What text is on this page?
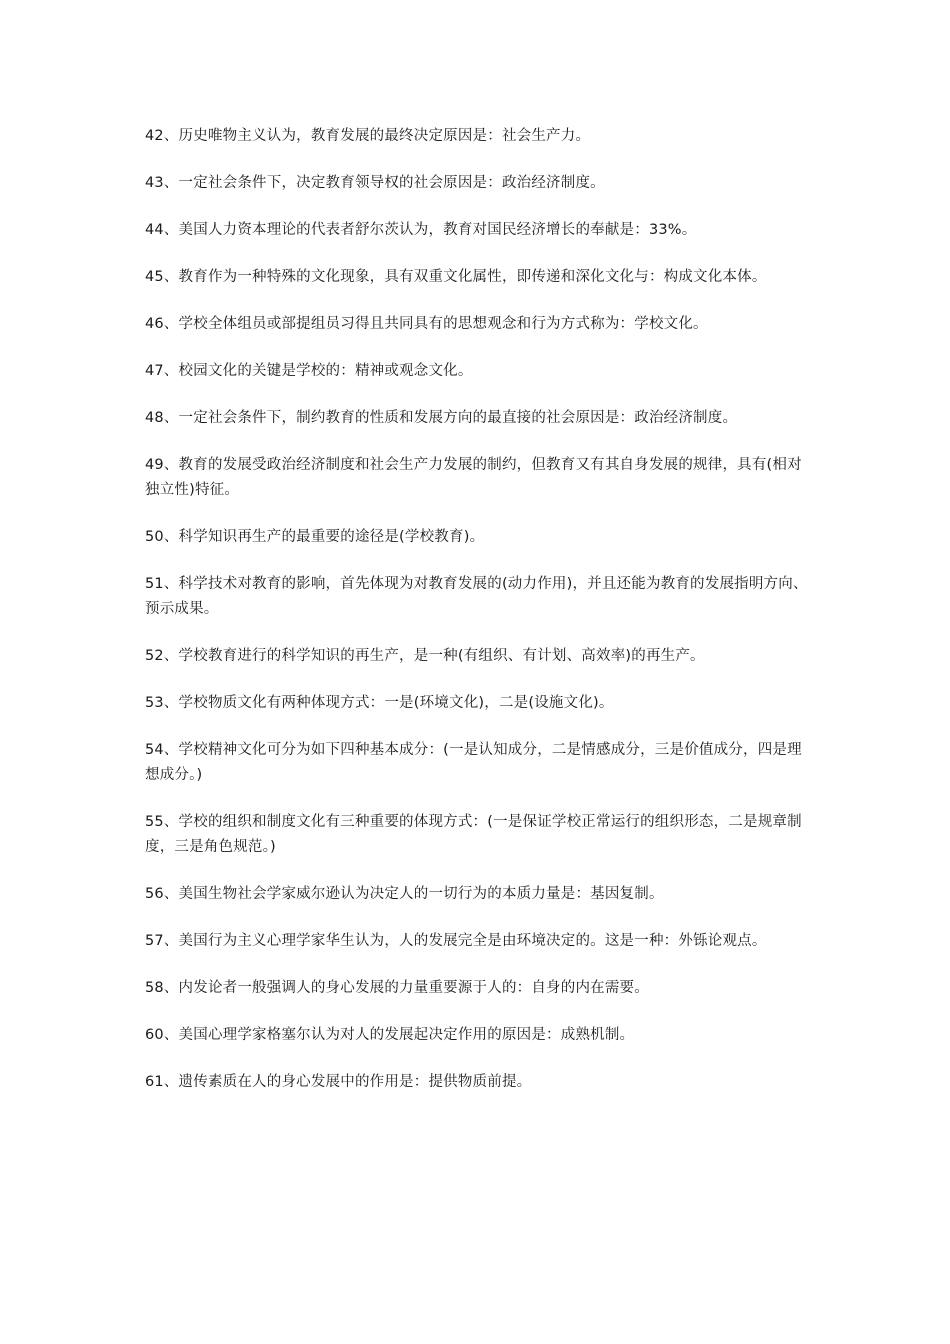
42、历史唯物主义认为，教育发展的最终决定原因是：社会生产力。

43、一定社会条件下，决定教育领导权的社会原因是：政治经济制度。

44、美国人力资本理论的代表者舒尔茨认为，教育对国民经济增长的奉献是：33%。

45、教育作为一种特殊的文化现象，具有双重文化属性，即传递和深化文化与：构成文化本体。

46、学校全体组员或部提组员习得且共同具有的思想观念和行为方式称为：学校文化。

47、校园文化的关键是学校的：精神或观念文化。

48、一定社会条件下，制约教育的性质和发展方向的最直接的社会原因是：政治经济制度。

49、教育的发展受政治经济制度和社会生产力发展的制约，但教育又有其自身发展的规律，具有(相对独立性)特征。

50、科学知识再生产的最重要的途径是(学校教育)。

51、科学技术对教育的影响，首先体现为对教育发展的(动力作用)，并且还能为教育的发展指明方向、预示成果。

52、学校教育进行的科学知识的再生产，是一种(有组织、有计划、高效率)的再生产。

53、学校物质文化有两种体现方式：一是(环境文化)，二是(设施文化)。

54、学校精神文化可分为如下四种基本成分：(一是认知成分，二是情感成分，三是价值成分，四是理想成分。)

55、学校的组织和制度文化有三种重要的体现方式：(一是保证学校正常运行的组织形态，二是规章制度，三是角色规范。)

56、美国生物社会学家威尔逊认为决定人的一切行为的本质力量是：基因复制。

57、美国行为主义心理学家华生认为，人的发展完全是由环境决定的。这是一种：外铄论观点。

58、内发论者一般强调人的身心发展的力量重要源于人的：自身的内在需要。

60、美国心理学家格塞尔认为对人的发展起决定作用的原因是：成熟机制。

61、遗传素质在人的身心发展中的作用是：提供物质前提。
